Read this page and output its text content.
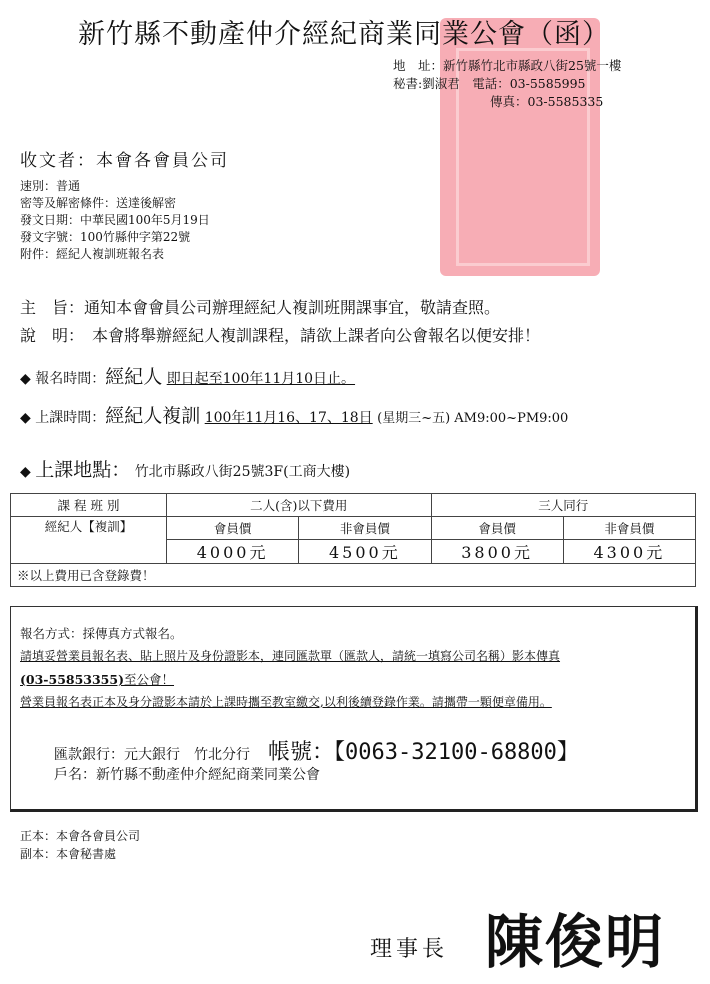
新竹縣不動產仲介經紀商業同業公會（函）
地　址：新竹縣竹北市縣政八街25號一樓
秘書:劉淑君　電話：03-5585995
傳真：03-5585335
收文者：本會各會員公司
速別：普通
密等及解密條件：送達後解密
發文日期：中華民國100年5月19日
發文字號：100竹縣仲字第22號
附件：經紀人複訓班報名表
主　旨：通知本會會員公司辦理經紀人複訓班開課事宜，敬請查照。
說　明：　本會將舉辦經紀人複訓課程，請欲上課者向公會報名以便安排！
◆ 報名時間：經紀人 即日起至100年11月10日止。
◆ 上課時間：經紀人複訓 100年11月16、17、18日 (星期三~五) AM9:00~PM9:00
◆ 上課地點： 竹北市縣政八街25號3F(工商大樓)
課 程 班 別	二人(含)以下費用		三人同行	
經紀人【複訓】	會員價	非會員價	會員價	非會員價
	4000元	4500元	3800元	4300元
※以上費用已含登錄費！				
報名方式：採傳真方式報名。
請填妥營業員報名表、貼上照片及身份證影本，連同匯款單（匯款人，請統一填寫公司名稱）影本傳真
(03-55853355)至公會！
營業員報名表正本及身分證影本請於上課時攜至教室繳交,以利後續登錄作業。請攜帶一顆便章備用。
匯款銀行：元大銀行　竹北分行 帳號：【0063-32100-68800】
戶名：新竹縣不動產仲介經紀商業同業公會
正本：本會各會員公司
副本：本會秘書處
理事長 陳俊明
